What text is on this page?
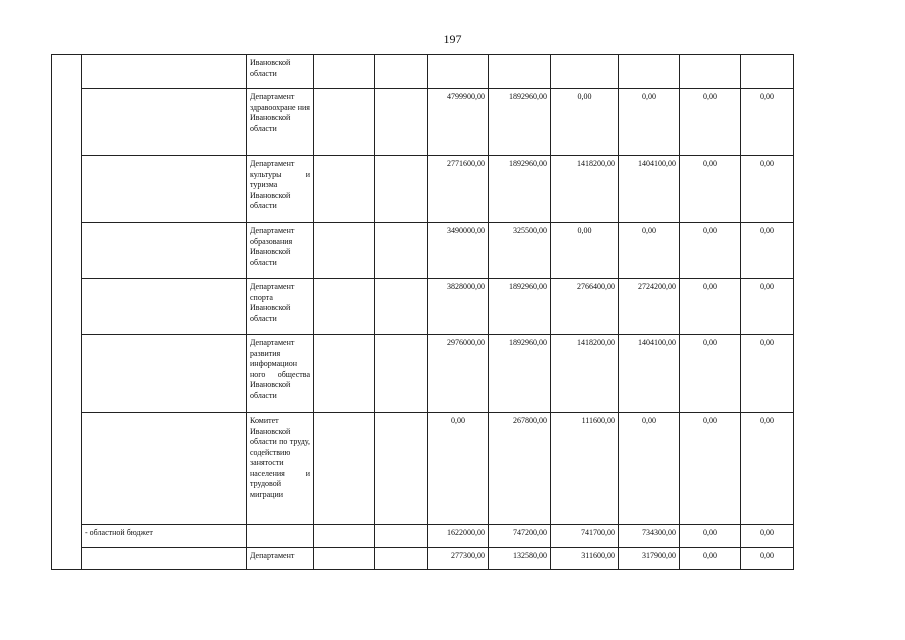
197
		Ивановской области								
		Департамент здравоохране ния Ивановской области			4799900,00	1892960,00	0,00	0,00	0,00	0,00
		Департамент культуры и туризма Ивановской области			2771600,00	1892960,00	1418200,00	1404100,00	0,00	0,00
		Департамент образования Ивановской области			3490000,00	325500,00	0,00	0,00	0,00	0,00
		Департамент спорта Ивановской области			3828000,00	1892960,00	2766400,00	2724200,00	0,00	0,00
		Департамент развития информацион ного общества Ивановской области			2976000,00	1892960,00	1418200,00	1404100,00	0,00	0,00
		Комитет Ивановской области по труду, содействию занятости населения и трудовой миграции			0,00	267800,00	111600,00	0,00	0,00	0,00
	- областной бюджет				1622000,00	747200,00	741700,00	734300,00	0,00	0,00
		Департамент			277300,00	132580,00	311600,00	317900,00	0,00	0,00
